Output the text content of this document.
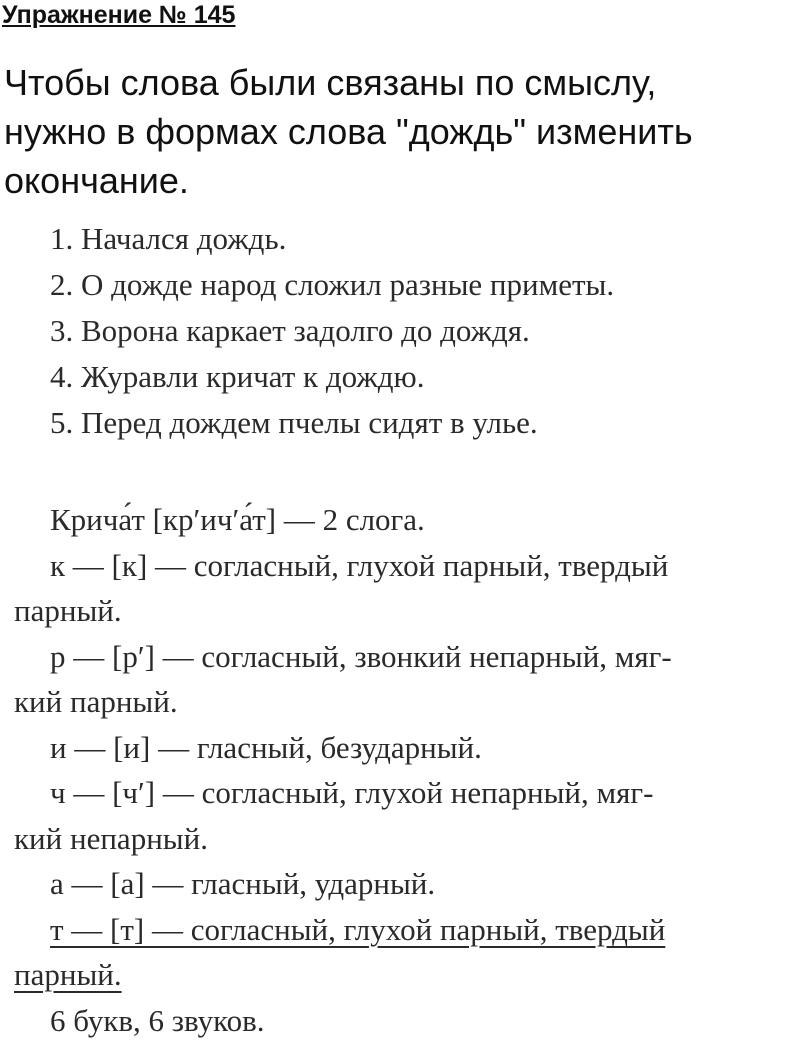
Упражнение № 145
Чтобы слова были связаны по смыслу,
нужно в формах слова "дождь" изменить
окончание.
1. Начался дождь.
2. О дожде народ сложил разные приметы.
3. Ворона каркает задолго до дождя.
4. Журавли кричат к дождю.
5. Перед дождем пчелы сидят в улье.
Крича́т [кр′ич′а́т] — 2 слога.
к — [к] — согласный, глухой парный, твердый
парный.
р — [р′] — согласный, звонкий непарный, мяг-
кий парный.
и — [и] — гласный, безударный.
ч — [ч′] — согласный, глухой непарный, мяг-
кий непарный.
а — [а] — гласный, ударный.
т — [т] — согласный, глухой парный, твердый
парный.
6 букв, 6 звуков.
